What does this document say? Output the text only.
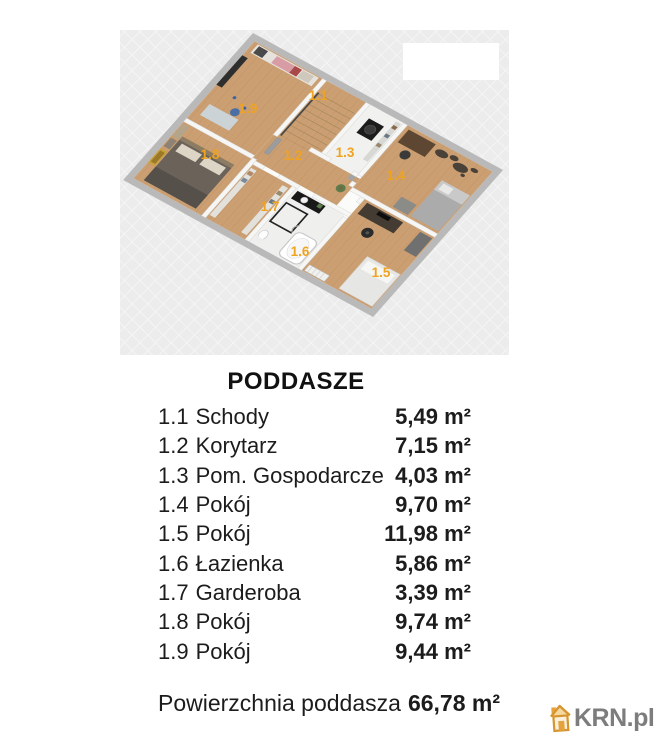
1.1
1.2 1.3
1.4
1.5
1.6
1.7
1.8
1.9
PODDASZE
1.1 Schody	5,49 m²
1.2 Korytarz	7,15 m²
1.3 Pom. Gospodarcze 4,03 m²
1.4 Pokój	9,70 m²
1.5 Pokój	11,98 m²
1.6 Łazienka	5,86 m²
1.7 Garderoba	3,39 m²
1.8 Pokój	9,74 m²
1.9 Pokój	9,44 m²
Powierzchnia poddasza 66,78 m²
KRN.pl
